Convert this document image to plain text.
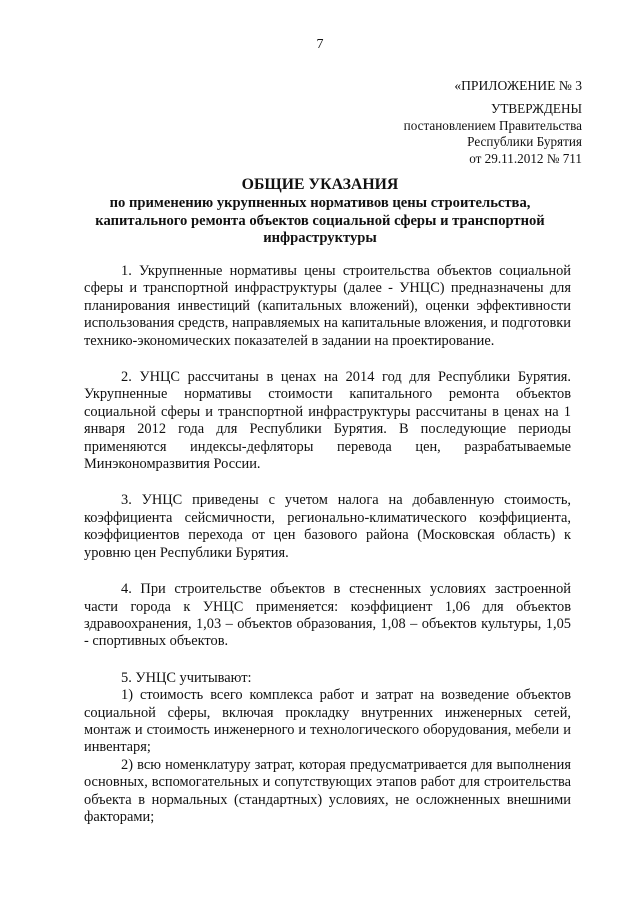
7
«ПРИЛОЖЕНИЕ № 3
УТВЕРЖДЕНЫ
постановлением Правительства
Республики Бурятия
от 29.11.2012 № 711
ОБЩИЕ УКАЗАНИЯ
по применению укрупненных нормативов цены строительства, капитального ремонта объектов социальной сферы и транспортной инфраструктуры

1. Укрупненные нормативы цены строительства объектов социальной сферы и транспортной инфраструктуры (далее - УНЦС) предназначены для планирования инвестиций (капитальных вложений), оценки эффективности использования средств, направляемых на капитальные вложения, и подготовки технико-экономических показателей в задании на проектирование.

2. УНЦС рассчитаны в ценах на 2014 год для Республики Бурятия. Укрупненные нормативы стоимости капитального ремонта объектов социальной сферы и транспортной инфраструктуры рассчитаны в ценах на 1 января 2012 года для Республики Бурятия. В последующие периоды применяются индексы-дефляторы перевода цен, разрабатываемые Минэкономразвития России.

3. УНЦС приведены с учетом налога на добавленную стоимость, коэффициента сейсмичности, регионально-климатического коэффициента, коэффициентов перехода от цен базового района (Московская область) к уровню цен Республики Бурятия.

4. При строительстве объектов в стесненных условиях застроенной части города к УНЦС применяется: коэффициент 1,06 для объектов здравоохранения, 1,03 – объектов образования, 1,08 – объектов культуры, 1,05 - спортивных объектов.

5. УНЦС учитывают:

1) стоимость всего комплекса работ и затрат на возведение объектов социальной сферы, включая прокладку внутренних инженерных сетей, монтаж и стоимость инженерного и технологического оборудования, мебели и инвентаря;

2) всю номенклатуру затрат, которая предусматривается для выполнения основных, вспомогательных и сопутствующих этапов работ для строительства объекта в нормальных (стандартных) условиях, не осложненных внешними факторами;
